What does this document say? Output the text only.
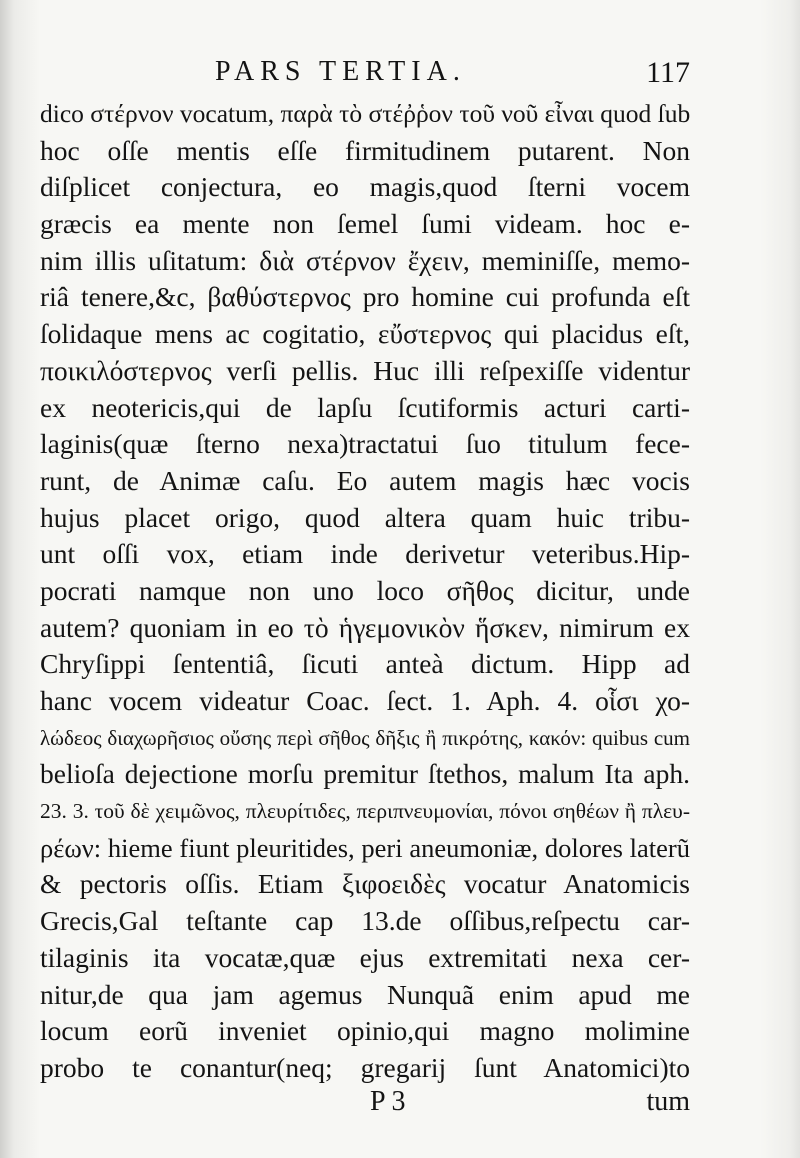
PARS TERTIA.	117
dico στέρνον vocatum, παρὰ τὸ στέῤῥον τοῦ νοῦ εἶναι quod ſub
hoc oſſe mentis eſſe firmitudinem putarent. Non
diſplicet conjectura, eo magis,quod ſterni vocem
græcis ea mente non ſemel ſumi videam. hoc e-
nim illis uſitatum: διὰ στέρνον ἔχειν, meminiſſe, memo-
riâ tenere,&c, βαθύστερνος pro homine cui profunda eſt
ſolidaque mens ac cogitatio, εὔστερνος qui placidus eſt,
ποικιλόστερνος verſi pellis. Huc illi reſpexiſſe videntur
ex neotericis,qui de lapſu ſcutiformis acturi carti-
laginis(quæ ſterno nexa)tractatui ſuo titulum fece-
runt, de Animæ caſu. Eo autem magis hæc vocis
hujus placet origo, quod altera quam huic tribu-
unt oſſi vox, etiam inde derivetur veteribus.Hip-
pocrati namque non uno loco σῆθος dicitur, unde
autem? quoniam in eo τὸ ἡγεμονικὸν ἥσκεν, nimirum ex
Chryſippi ſententiâ, ſicuti anteà dictum. Hipp ad
hanc vocem videatur Coac. ſect. 1. Aph. 4. οἷσι χο-
λώδεος διαχωρῆσιος οὔσης περὶ σῆθος δῆξις ἢ πικρότης, κακόν: quibus cum
belioſa dejectione morſu premitur ſtethos, malum Ita aph.
23. 3. τοῦ δὲ χειμῶνος, πλευρίτιδες, περιπνευμονίαι, πόνοι σηθέων ἢ πλευ-
ρέων: hieme fiunt pleuritides, peri aneumoniæ, dolores laterũ
& pectoris oſſis. Etiam ξιφοειδὲς vocatur Anatomicis
Grecis,Gal teſtante cap 13.de oſſibus,reſpectu car-
tilaginis ita vocatæ,quæ ejus extremitati nexa cer-
nitur,de qua jam agemus Nunquã enim apud me
locum eorũ inveniet opinio,qui magno molimine
probo te conantur(neq; gregarij ſunt Anatomici)to
P 3	tum
